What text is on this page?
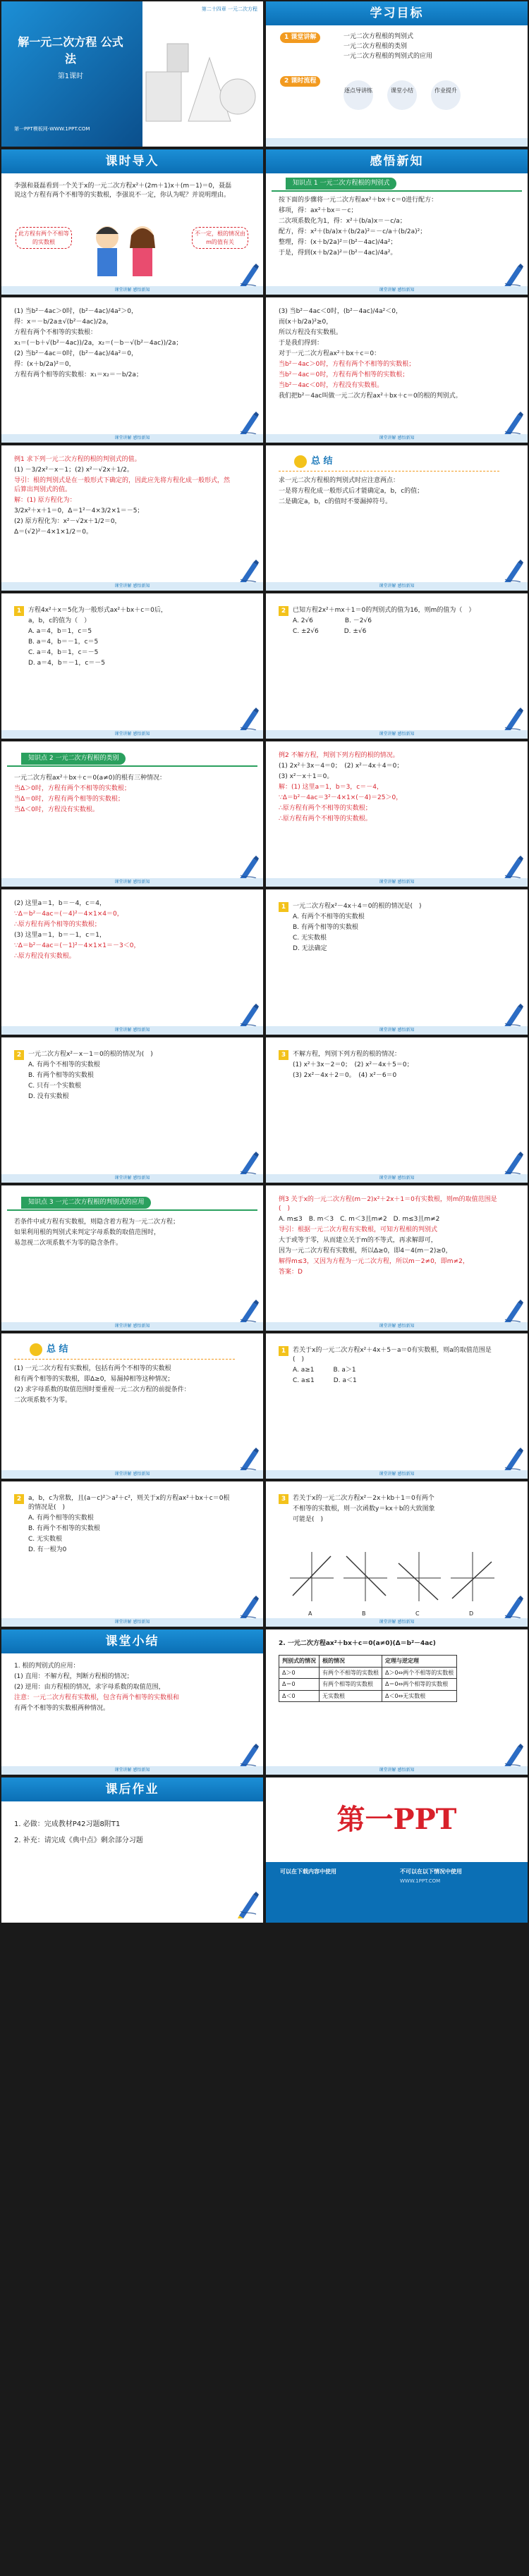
第二十四章 一元二次方程
解一元二次方程 公式法
第1课时
第一PPT模板网-WWW.1PPT.COM
学习目标
1 课堂讲解	一元二次方程根的判别式
一元二次方程根的类别
一元二次方程根的判别式的应用
2 课时流程
逐点导讲练	课堂小结	作业提升
课时导入

李强和聂磊看到一个关于x的一元二次方程x²＋(2m＋1)x＋(m－1)＝0，聂磊说这个方程有两个不相等的实数根，李强说不一定，你认为呢？并说明理由。

此方程有两个不相等的实数根
不一定，根的情况由m的值有关
课堂讲解 感悟新知
感悟新知
知识点 1 一元二次方程根的判别式

按下面的步骤将一元二次方程ax²＋bx＋c＝0进行配方：

移项，得：ax²＋bx＝－c；

二次项系数化为1，得：x²＋(b/a)x＝－c/a；

配方，得：x²＋(b/a)x＋(b/2a)²＝－c/a＋(b/2a)²；

整理，得：(x＋b/2a)²＝(b²－4ac)/4a²；

于是，得到(x＋b/2a)²＝(b²－4ac)/4a²。

课堂讲解 感悟新知

(1) 当b²－4ac＞0时，(b²－4ac)/4a²＞0，

得：x＝－b/2a±√(b²－4ac)/2a，

方程有两个不相等的实数根：

x₁＝(－b＋√(b²－4ac))/2a，x₂＝(－b－√(b²－4ac))/2a；

(2) 当b²－4ac＝0时，(b²－4ac)/4a²＝0，

得：(x＋b/2a)²＝0，

方程有两个相等的实数根：x₁＝x₂＝－b/2a；

课堂讲解 感悟新知

(3) 当b²－4ac＜0时，(b²－4ac)/4a²＜0，

而(x＋b/2a)²≥0，

所以方程没有实数根。

于是我们得到：

对于一元二次方程ax²＋bx＋c＝0：

当b²－4ac＞0时，方程有两个不相等的实数根；

当b²－4ac＝0时，方程有两个相等的实数根；

当b²－4ac＜0时，方程没有实数根。

我们把b²－4ac叫做一元二次方程ax²＋bx＋c＝0的根的判别式。

课堂讲解 感悟新知

例1 求下列一元二次方程的根的判别式的值。

(1) －3/2x²－x－1；(2) x²－√2x＋1/2。

导引：根的判别式是在一般形式下确定的，因此应先将方程化成一般形式，然后算出判别式的值。

解：(1) 原方程化为：

3/2x²＋x＋1＝0，Δ＝1²－4×3/2×1＝－5；

(2) 原方程化为：x²－√2x＋1/2＝0，

Δ＝(√2)²－4×1×1/2＝0。

课堂讲解 感悟新知
总 结

求一元二次方程根的判别式时应注意两点：

一是将方程化成一般形式后才能确定a，b，c的值；

二是确定a，b，c的值时不要漏掉符号。

课堂讲解 感悟新知
1	方程4x²＋x＝5化为一般形式ax²＋bx＋c＝0后，

a，b，c的值为（　）

A. a＝4，b＝1，c＝5

B. a＝4，b＝－1，c＝5

C. a＝4，b＝1，c＝－5

D. a＝4，b＝－1，c＝－5

课堂讲解 感悟新知
2	已知方程2x²＋mx＋1＝0的判别式的值为16，则m的值为（　）

A. 2√6　　　　　B. －2√6

C. ±2√6　　　　D. ±√6

课堂讲解 感悟新知
知识点 2 一元二次方程根的类别

一元二次方程ax²＋bx＋c＝0(a≠0)的根有三种情况：

当Δ＞0时，方程有两个不相等的实数根；

当Δ＝0时，方程有两个相等的实数根；

当Δ＜0时，方程没有实数根。

课堂讲解 感悟新知

例2 不解方程，判别下列方程的根的情况。

(1) 2x²＋3x－4＝0；　(2) x²－4x＋4＝0；

(3) x²－x＋1＝0。

解：(1) 这里a＝1，b＝3，c＝－4，

∵Δ＝b²－4ac＝3²－4×1×(－4)＝25＞0，

∴原方程有两个不相等的实数根；

∴原方程有两个不相等的实数根。

课堂讲解 感悟新知

(2) 这里a＝1，b＝－4，c＝4，

∵Δ＝b²－4ac＝(－4)²－4×1×4＝0，

∴原方程有两个相等的实数根；

(3) 这里a＝1，b＝－1，c＝1，

∵Δ＝b²－4ac＝(－1)²－4×1×1＝－3＜0，

∴原方程没有实数根。

课堂讲解 感悟新知
1	一元二次方程x²－4x＋4＝0的根的情况是(　)

A. 有两个不相等的实数根

B. 有两个相等的实数根

C. 无实数根

D. 无法确定

课堂讲解 感悟新知
2	一元二次方程x²－x－1＝0的根的情况为(　)

A. 有两个不相等的实数根

B. 有两个相等的实数根

C. 只有一个实数根

D. 没有实数根

课堂讲解 感悟新知
3	不解方程，判别下列方程的根的情况：

(1) x²＋3x－2＝0；　(2) x²－4x＋5＝0；

(3) 2x²－4x＋2＝0。　(4) x²－6＝0

课堂讲解 感悟新知
知识点 3 一元二次方程根的判别式的应用

若条件中或方程有实数根，则隐含着方程为一元二次方程；

如果利用根的判别式来判定字母系数的取值范围时，

易忽视二次项系数不为零的隐含条件。

课堂讲解 感悟新知

例3 关于x的一元二次方程(m－2)x²＋2x＋1＝0有实数根，则m的取值范围是(　)

A. m≤3　B. m＜3　C. m＜3且m≠2　D. m≤3且m≠2

导引：根据一元二次方程有实数根，可知方程根的判别式

大于或等于零，从而建立关于m的不等式，再求解即可，

因为一元二次方程有实数根，所以Δ≥0，即4－4(m－2)≥0，

解得m≤3，又因为方程为一元二次方程，所以m－2≠0，即m≠2，

答案：D

课堂讲解 感悟新知
总 结

(1) 一元二次方程有实数根，包括有两个不相等的实数根

和有两个相等的实数根，即Δ≥0，易漏掉相等这种情况；

(2) 求字母系数的取值范围时要重视一元二次方程的前提条件：

二次项系数不为零。

课堂讲解 感悟新知
1	若关于x的一元二次方程x²＋4x＋5－a＝0有实数根，则a的取值范围是(　)

A. a≥1　　　B. a＞1

C. a≤1　　　D. a＜1

课堂讲解 感悟新知
2	a，b，c为常数，且(a－c)²＞a²＋c²，则关于x的方程ax²＋bx＋c＝0根的情况是(　)

A. 有两个相等的实数根

B. 有两个不相等的实数根

C. 无实数根

D. 有一根为0

课堂讲解 感悟新知
3	若关于x的一元二次方程x²－2x＋kb＋1＝0有两个

不相等的实数根，则一次函数y＝kx＋b的大致图象

可能是(　)

A	B	C	D
课堂讲解 感悟新知
课堂小结

1. 根的判别式的应用：

(1) 直用：不解方程，判断方程根的情况；

(2) 逆用：由方程根的情况，求字母系数的取值范围，

注意：一元二次方程有实数根，包含有两个相等的实数根和

有两个不相等的实数根两种情况。

课堂讲解 感悟新知
2. 一元二次方程ax²＋bx＋c＝0(a≠0)(Δ＝b²－4ac)
判别式的情况	根的情况	定理与逆定理
Δ＞0	有两个不相等的实数根	Δ＞0⇔两个不相等的实数根
Δ＝0	有两个相等的实数根	Δ＝0⇔两个相等的实数根
Δ＜0	无实数根	Δ＜0⇔无实数根
课堂讲解 感悟新知
课后作业

1. 必做：完成教材P42习题8附T1

2. 补充：请完成《典中点》剩余部分习题

第一PPT
可以在下载内容中使用	不可以在以下情况中使用
WWW.1PPT.COM
